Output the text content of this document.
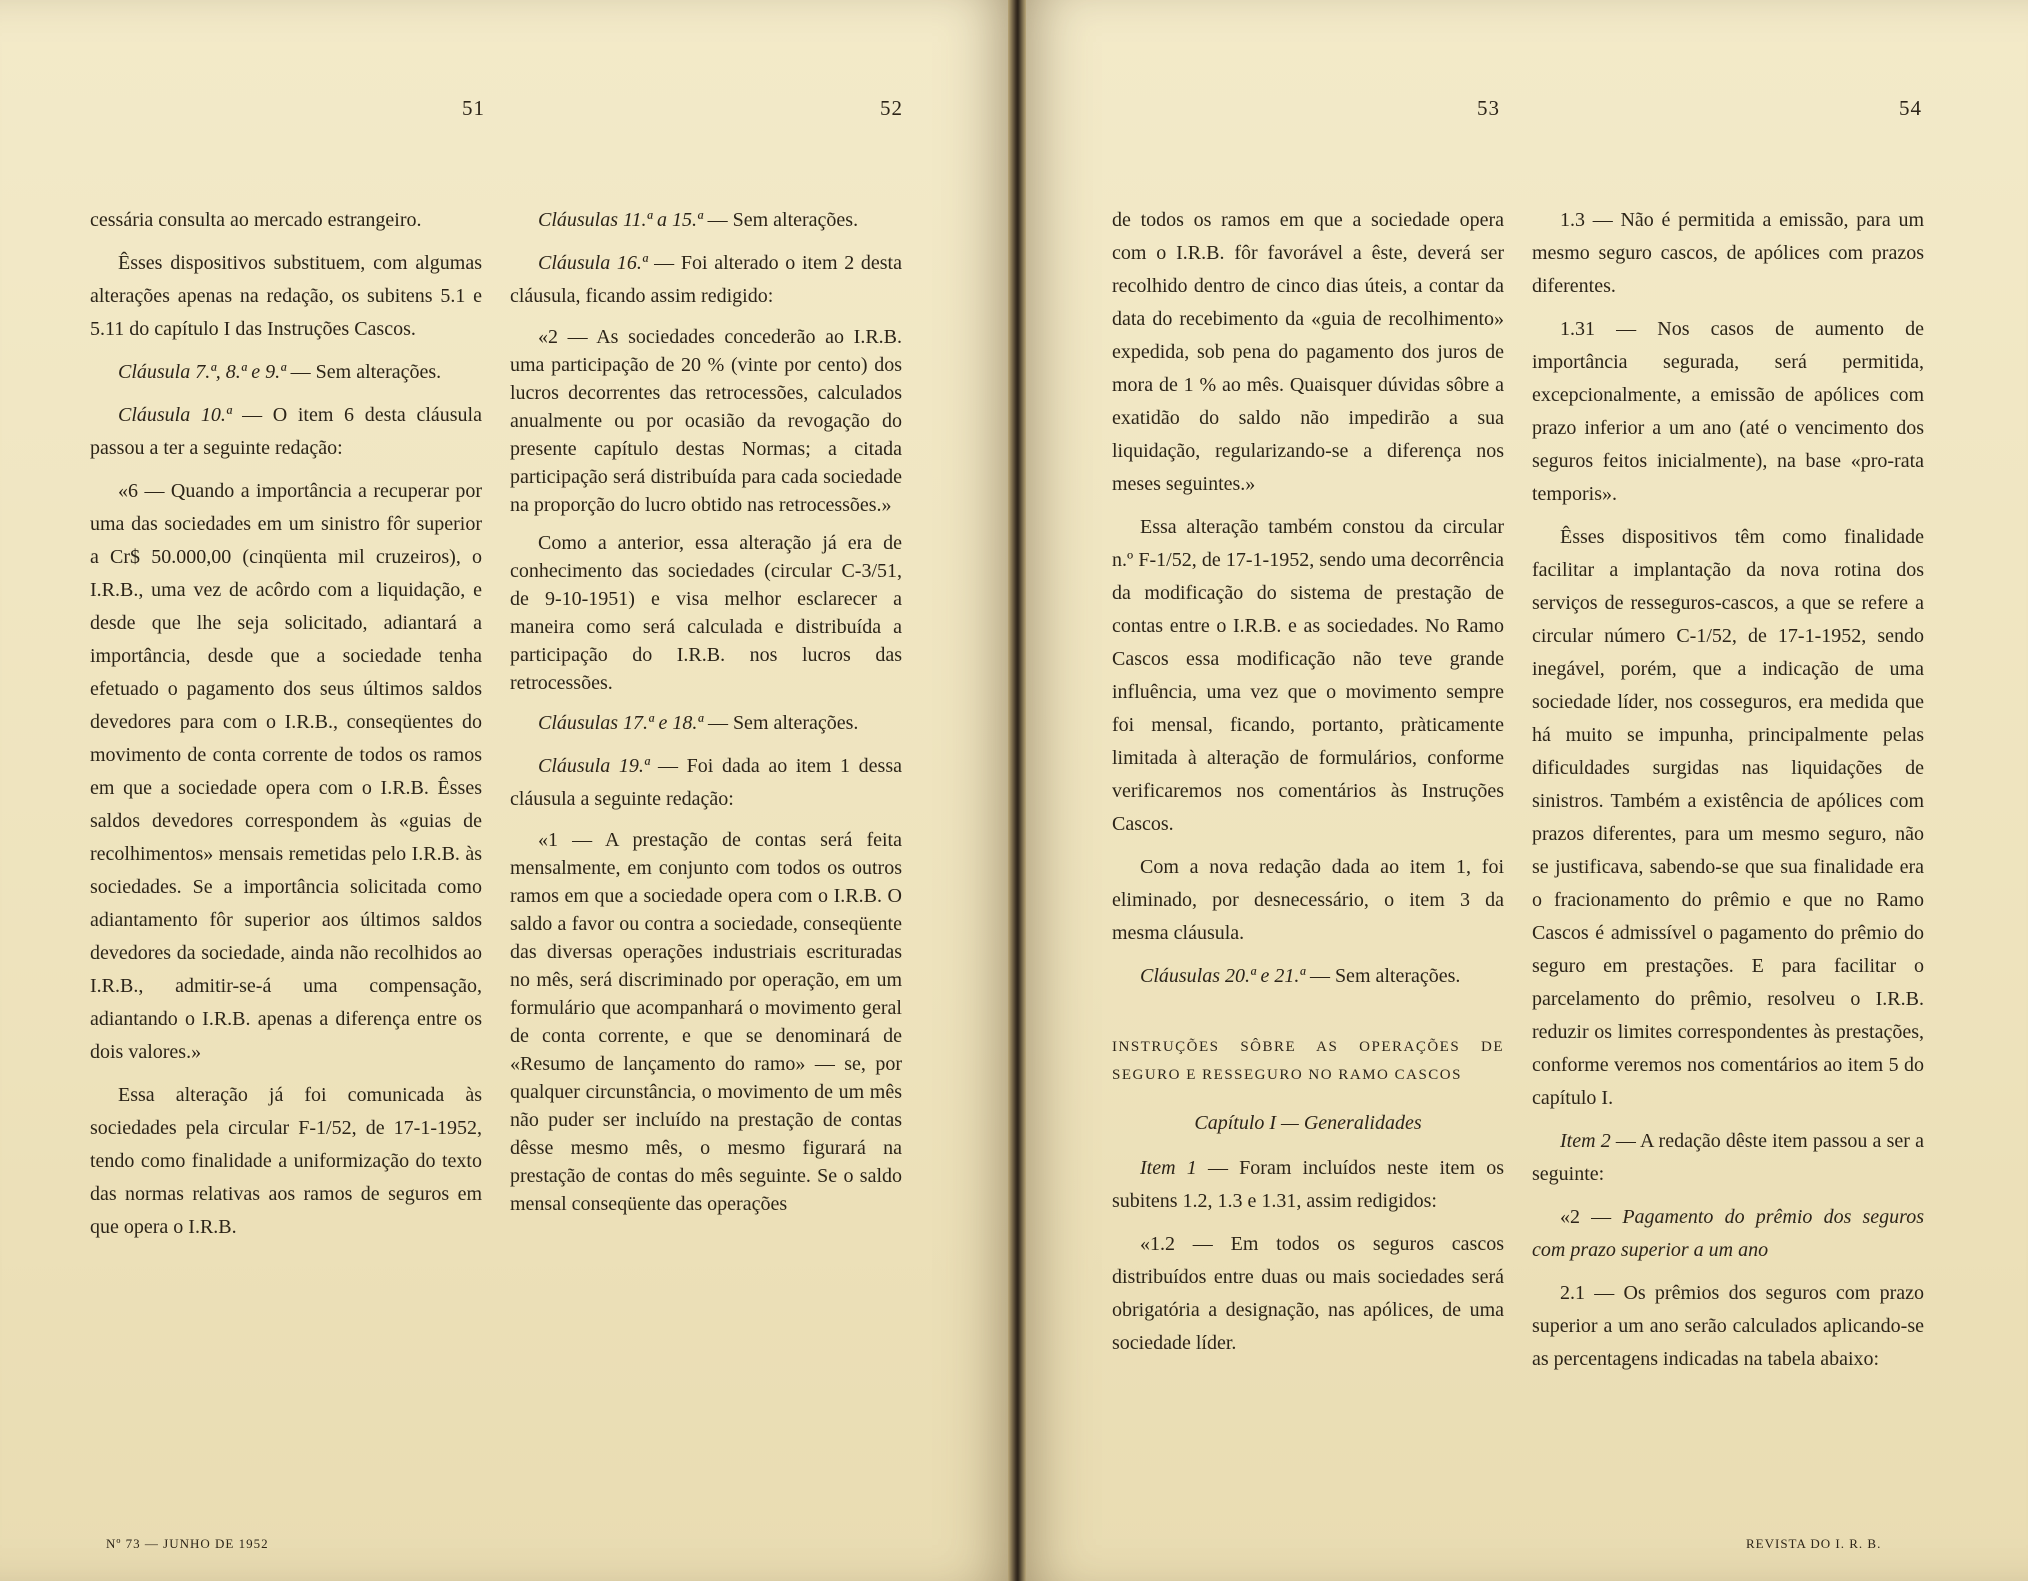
51	52	53	54

cessária consulta ao mercado estrangeiro.

Êsses dispositivos substituem, com algumas alterações apenas na redação, os subitens 5.1 e 5.11 do capítulo I das Instruções Cascos.

Cláusula 7.ª, 8.ª e 9.ª — Sem alterações.

Cláusula 10.ª — O item 6 desta cláusula passou a ter a seguinte redação:

«6 — Quando a importância a recuperar por uma das sociedades em um sinistro fôr superior a Cr$ 50.000,00 (cinqüenta mil cruzeiros), o I.R.B., uma vez de acôrdo com a liquidação, e desde que lhe seja solicitado, adiantará a importância, desde que a sociedade tenha efetuado o pagamento dos seus últimos saldos devedores para com o I.R.B., conseqüentes do movimento de conta corrente de todos os ramos em que a sociedade opera com o I.R.B. Êsses saldos devedores correspondem às «guias de recolhimentos» mensais remetidas pelo I.R.B. às sociedades. Se a importância solicitada como adiantamento fôr superior aos últimos saldos devedores da sociedade, ainda não recolhidos ao I.R.B., admitir-se-á uma compensação, adiantando o I.R.B. apenas a diferença entre os dois valores.»

Essa alteração já foi comunicada às sociedades pela circular F-1/52, de 17-1-1952, tendo como finalidade a uniformização do texto das normas relativas aos ramos de seguros em que opera o I.R.B.

Cláusulas 11.ª a 15.ª — Sem alterações.

Cláusula 16.ª — Foi alterado o item 2 desta cláusula, ficando assim redigido:

«2 — As sociedades concederão ao I.R.B. uma participação de 20 % (vinte por cento) dos lucros decorrentes das retrocessões, calculados anualmente ou por ocasião da revogação do presente capítulo destas Normas; a citada participação será distribuída para cada sociedade na proporção do lucro obtido nas retrocessões.»

Como a anterior, essa alteração já era de conhecimento das sociedades (circular C-3/51, de 9-10-1951) e visa melhor esclarecer a maneira como será calculada e distribuída a participação do I.R.B. nos lucros das retrocessões.

Cláusulas 17.ª e 18.ª — Sem alterações.

Cláusula 19.ª — Foi dada ao item 1 dessa cláusula a seguinte redação:

«1 — A prestação de contas será feita mensalmente, em conjunto com todos os outros ramos em que a sociedade opera com o I.R.B. O saldo a favor ou contra a sociedade, conseqüente das diversas operações industriais escrituradas no mês, será discriminado por operação, em um formulário que acompanhará o movimento geral de conta corrente, e que se denominará de «Resumo de lançamento do ramo» — se, por qualquer circunstância, o movimento de um mês não puder ser incluído na prestação de contas dêsse mesmo mês, o mesmo figurará na prestação de contas do mês seguinte. Se o saldo mensal conseqüente das operações

de todos os ramos em que a sociedade opera com o I.R.B. fôr favorável a êste, deverá ser recolhido dentro de cinco dias úteis, a contar da data do recebimento da «guia de recolhimento» expedida, sob pena do pagamento dos juros de mora de 1 % ao mês. Quaisquer dúvidas sôbre a exatidão do saldo não impedirão a sua liquidação, regularizando-se a diferença nos meses seguintes.»

Essa alteração também constou da circular n.º F-1/52, de 17-1-1952, sendo uma decorrência da modificação do sistema de prestação de contas entre o I.R.B. e as sociedades. No Ramo Cascos essa modificação não teve grande influência, uma vez que o movimento sempre foi mensal, ficando, portanto, pràticamente limitada à alteração de formulários, conforme verificaremos nos comentários às Instruções Cascos.

Com a nova redação dada ao item 1, foi eliminado, por desnecessário, o item 3 da mesma cláusula.

Cláusulas 20.ª e 21.ª — Sem alterações.

INSTRUÇÕES SÔBRE AS OPERAÇÕES DE SEGURO E RESSEGURO NO RAMO CASCOS

Capítulo I — Generalidades

Item 1 — Foram incluídos neste item os subitens 1.2, 1.3 e 1.31, assim redigidos:

«1.2 — Em todos os seguros cascos distribuídos entre duas ou mais sociedades será obrigatória a designação, nas apólices, de uma sociedade líder.

1.3 — Não é permitida a emissão, para um mesmo seguro cascos, de apólices com prazos diferentes.

1.31 — Nos casos de aumento de importância segurada, será permitida, excepcionalmente, a emissão de apólices com prazo inferior a um ano (até o vencimento dos seguros feitos inicialmente), na base «pro-rata temporis».

Êsses dispositivos têm como finalidade facilitar a implantação da nova rotina dos serviços de resseguros-cascos, a que se refere a circular número C-1/52, de 17-1-1952, sendo inegável, porém, que a indicação de uma sociedade líder, nos cosseguros, era medida que há muito se impunha, principalmente pelas dificuldades surgidas nas liquidações de sinistros. Também a existência de apólices com prazos diferentes, para um mesmo seguro, não se justificava, sabendo-se que sua finalidade era o fracionamento do prêmio e que no Ramo Cascos é admissível o pagamento do prêmio do seguro em prestações. E para facilitar o parcelamento do prêmio, resolveu o I.R.B. reduzir os limites correspondentes às prestações, conforme veremos nos comentários ao item 5 do capítulo I.

Item 2 — A redação dêste item passou a ser a seguinte:

«2 — Pagamento do prêmio dos seguros com prazo superior a um ano

2.1 — Os prêmios dos seguros com prazo superior a um ano serão calculados aplicando-se as percentagens indicadas na tabela abaixo:

Nº 73 — JUNHO DE 1952	REVISTA DO I. R. B.
